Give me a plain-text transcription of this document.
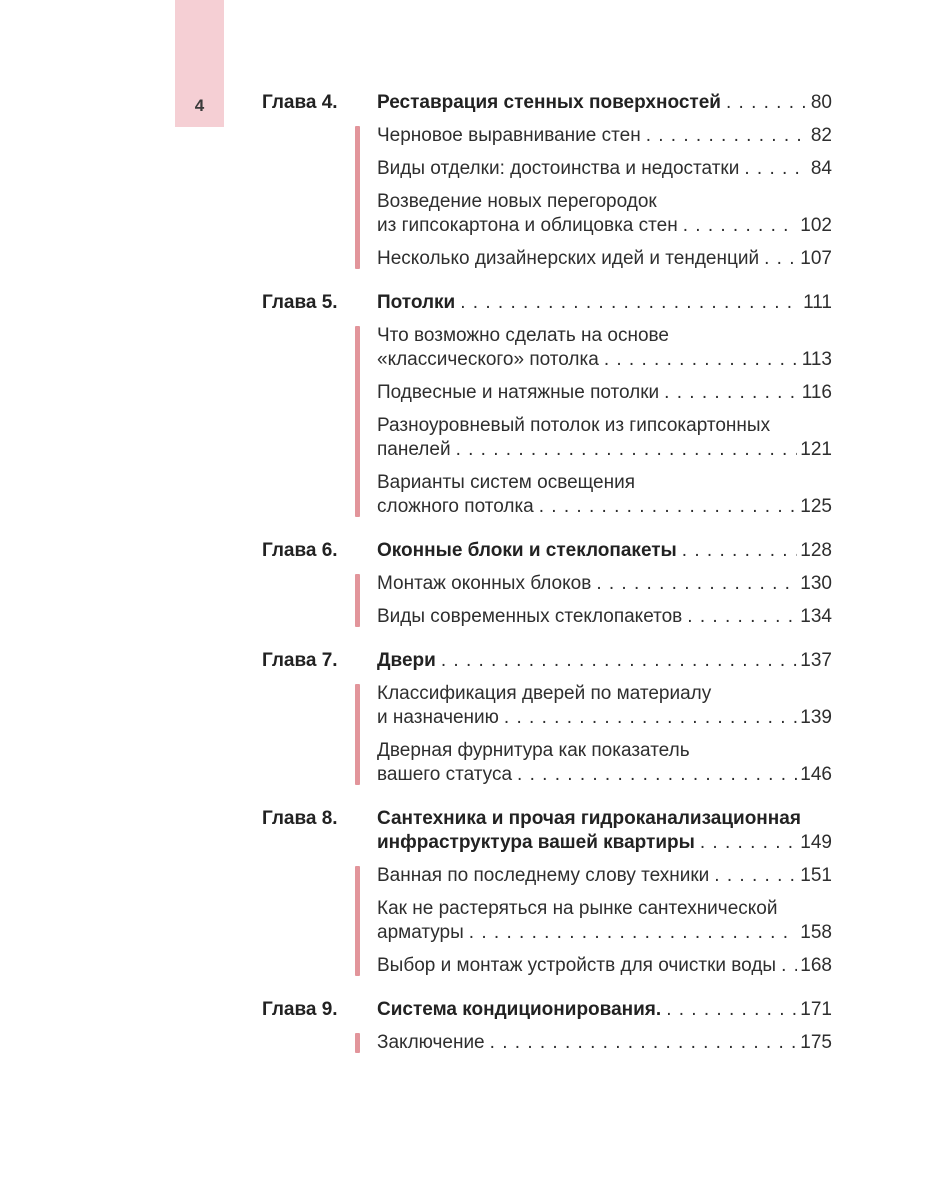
4	Глава 4.	Реставрация стенных поверхностей . . .	80
Черновое выравнивание стен . . .	82
Виды отделки: достоинства и недостатки . . .	84
Возведение новых перегородок
из гипсокартона и облицовка стен . . .	102
Несколько дизайнерских идей и тенденций . . . 107
Глава 5.	Потолки . . .	111
Что возможно сделать на основе
«классического» потолка . . .	113
Подвесные и натяжные потолки . . .	116
Разноуровневый потолок из гипсокартонных
панелей . . .	121
Варианты систем освещения
сложного потолка . . .	125
Глава 6.	Оконные блоки и стеклопакеты . . .	128
Монтаж оконных блоков . . .	130
Виды современных стеклопакетов . . .	134
Глава 7.	Двери . . .	137
Классификация дверей по материалу
и назначению . . .	139
Дверная фурнитура как показатель
вашего статуса . . .	146
Глава 8.	Сантехника и прочая гидроканализационная
инфраструктура вашей квартиры . . .	149
Ванная по последнему слову техники . . .	151
Как не растеряться на рынке сантехнической
арматуры . . .	158
Выбор и монтаж устройств для очистки воды . . . 168
Глава 9.	Система кондиционирования. . . .	171
Заключение . . .	175
